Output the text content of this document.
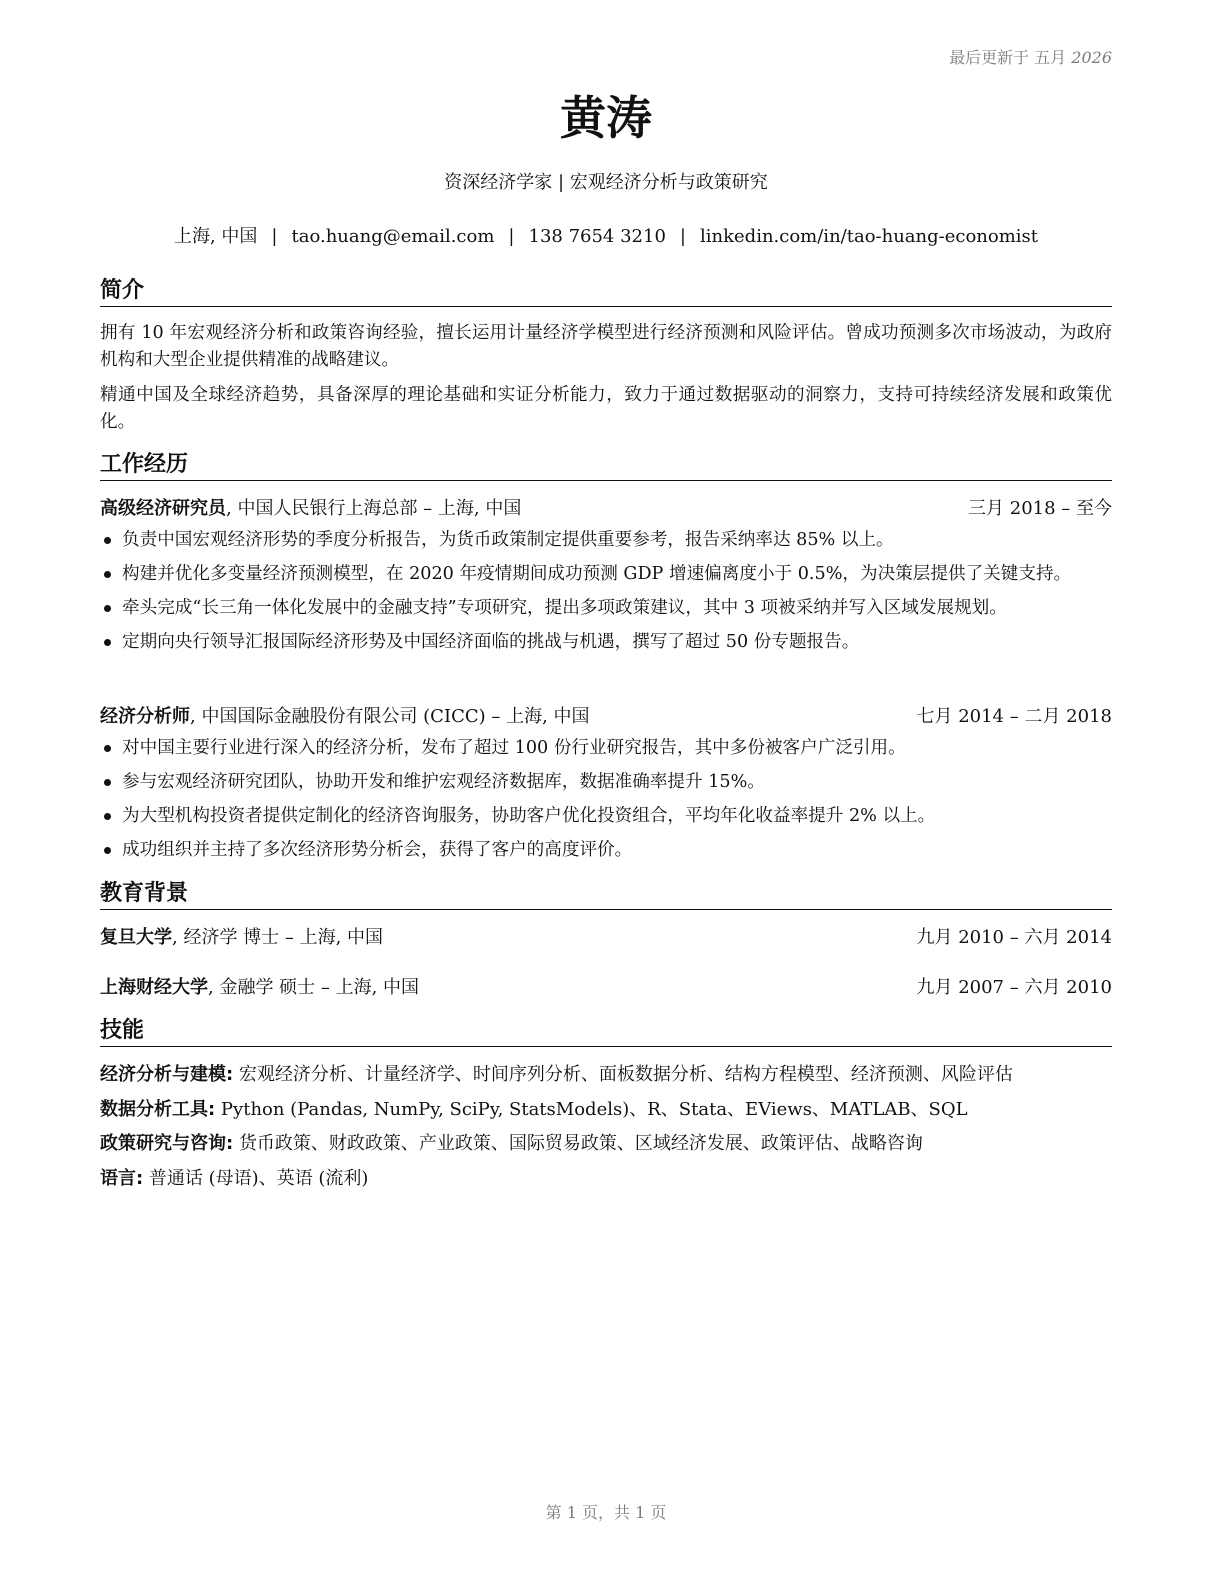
最后更新于 五月 2026
黄涛
资深经济学家 | 宏观经济分析与政策研究
上海, 中国 | tao.huang@email.com | 138 7654 3210 | linkedin.com/in/tao-huang-economist
简介
拥有 10 年宏观经济分析和政策咨询经验，擅长运用计量经济学模型进行经济预测和风险评估。曾成功预测多次市场波动，为政府机构和大型企业提供精准的战略建议。
精通中国及全球经济趋势，具备深厚的理论基础和实证分析能力，致力于通过数据驱动的洞察力，支持可持续经济发展和政策优化。
工作经历
高级经济研究员, 中国人民银行上海总部 – 上海, 中国	三月 2018 – 至今
负责中国宏观经济形势的季度分析报告，为货币政策制定提供重要参考，报告采纳率达 85% 以上。
构建并优化多变量经济预测模型，在 2020 年疫情期间成功预测 GDP 增速偏离度小于 0.5%，为决策层提供了关键支持。
牵头完成“长三角一体化发展中的金融支持”专项研究，提出多项政策建议，其中 3 项被采纳并写入区域发展规划。
定期向央行领导汇报国际经济形势及中国经济面临的挑战与机遇，撰写了超过 50 份专题报告。
经济分析师, 中国国际金融股份有限公司 (CICC) – 上海, 中国	七月 2014 – 二月 2018
对中国主要行业进行深入的经济分析，发布了超过 100 份行业研究报告，其中多份被客户广泛引用。
参与宏观经济研究团队，协助开发和维护宏观经济数据库，数据准确率提升 15%。
为大型机构投资者提供定制化的经济咨询服务，协助客户优化投资组合，平均年化收益率提升 2% 以上。
成功组织并主持了多次经济形势分析会，获得了客户的高度评价。
教育背景
复旦大学, 经济学 博士 – 上海, 中国	九月 2010 – 六月 2014
上海财经大学, 金融学 硕士 – 上海, 中国	九月 2007 – 六月 2010
技能
经济分析与建模: 宏观经济分析、计量经济学、时间序列分析、面板数据分析、结构方程模型、经济预测、风险评估
数据分析工具: Python (Pandas, NumPy, SciPy, StatsModels)、R、Stata、EViews、MATLAB、SQL
政策研究与咨询: 货币政策、财政政策、产业政策、国际贸易政策、区域经济发展、政策评估、战略咨询
语言: 普通话 (母语)、英语 (流利)
第 1 页，共 1 页
